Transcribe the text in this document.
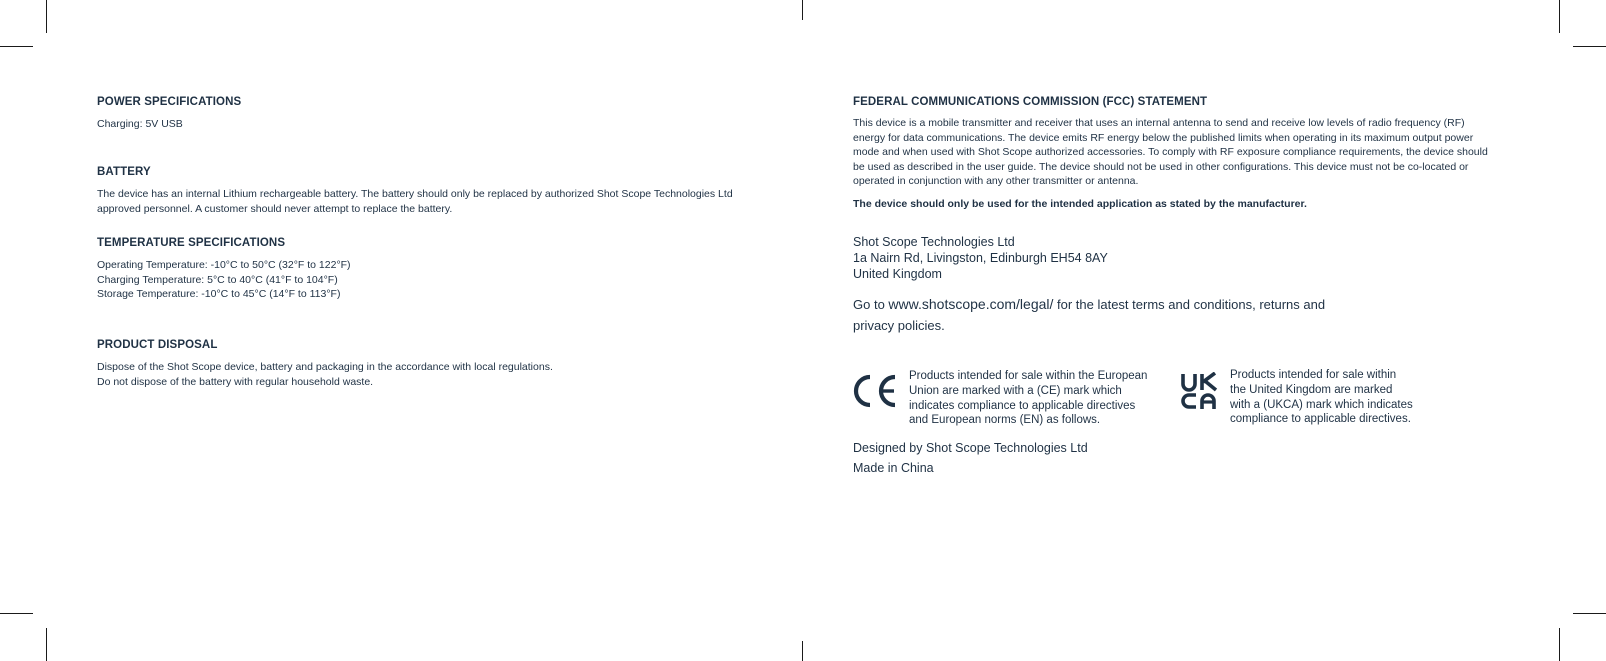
POWER SPECIFICATIONS

Charging: 5V USB

BATTERY

The device has an internal Lithium rechargeable battery. The battery should only be replaced by authorized Shot Scope Technologies Ltd
approved personnel. A customer should never attempt to replace the battery.

TEMPERATURE SPECIFICATIONS

Operating Temperature: -10°C to 50°C (32°F to 122°F)
Charging Temperature: 5°C to 40°C (41°F to 104°F)
Storage Temperature: -10°C to 45°C (14°F to 113°F)

PRODUCT DISPOSAL

Dispose of the Shot Scope device, battery and packaging in the accordance with local regulations.
Do not dispose of the battery with regular household waste.

FEDERAL COMMUNICATIONS COMMISSION (FCC) STATEMENT

This device is a mobile transmitter and receiver that uses an internal antenna to send and receive low levels of radio frequency (RF)
energy for data communications. The device emits RF energy below the published limits when operating in its maximum output power
mode and when used with Shot Scope authorized accessories. To comply with RF exposure compliance requirements, the device should
be used as described in the user guide. The device should not be used in other configurations. This device must not be co-located or
operated in conjunction with any other transmitter or antenna.

The device should only be used for the intended application as stated by the manufacturer.

Shot Scope Technologies Ltd
1a Nairn Rd, Livingston, Edinburgh EH54 8AY
United Kingdom

Go to www.shotscope.com/legal/ for the latest terms and conditions, returns and
privacy policies.

Products intended for sale within the European
Union are marked with a (CE) mark which
indicates compliance to applicable directives
and European norms (EN) as follows.
Products intended for sale within
the United Kingdom are marked
with a (UKCA) mark which indicates
compliance to applicable directives.
Designed by Shot Scope Technologies Ltd
Made in China
